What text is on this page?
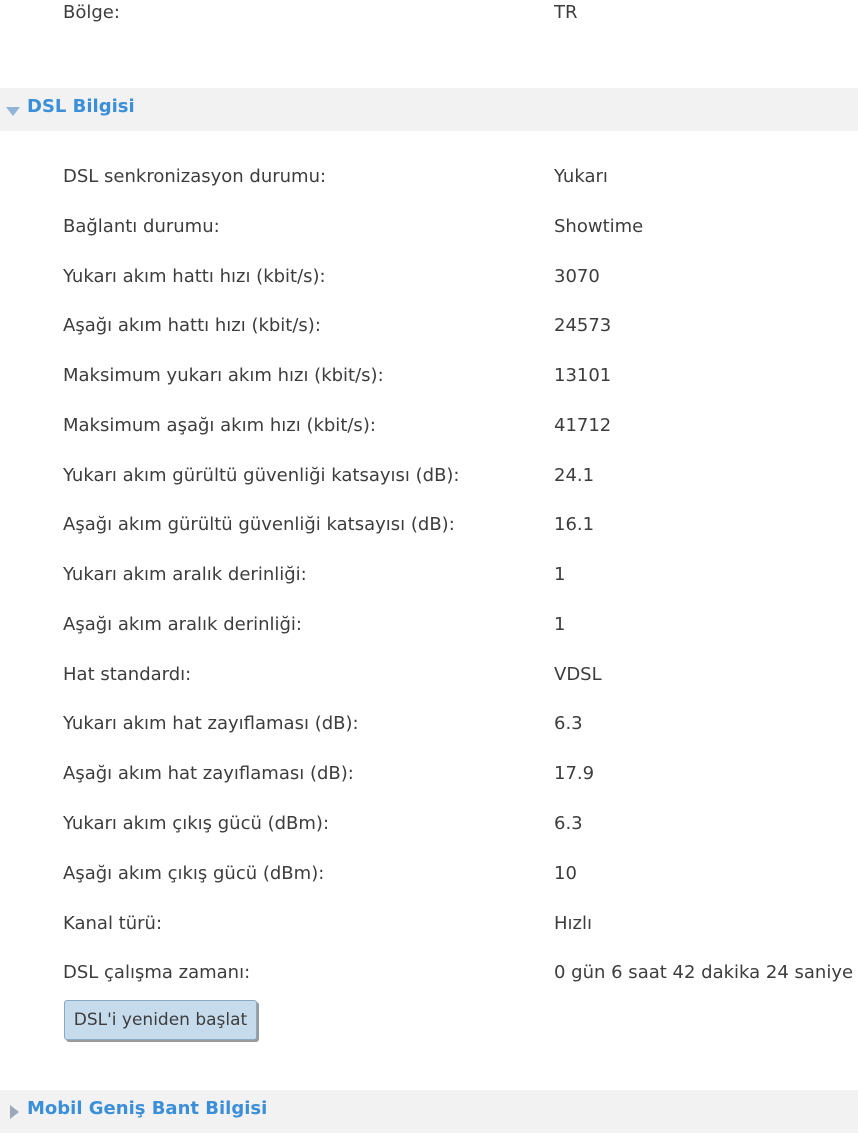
Bölge:	TR
DSL Bilgisi
DSL senkronizasyon durumu:	Yukarı
Bağlantı durumu:	Showtime
Yukarı akım hattı hızı (kbit/s):	3070
Aşağı akım hattı hızı (kbit/s):	24573
Maksimum yukarı akım hızı (kbit/s):	13101
Maksimum aşağı akım hızı (kbit/s):	41712
Yukarı akım gürültü güvenliği katsayısı (dB):	24.1
Aşağı akım gürültü güvenliği katsayısı (dB):	16.1
Yukarı akım aralık derinliği:	1
Aşağı akım aralık derinliği:	1
Hat standardı:	VDSL
Yukarı akım hat zayıflaması (dB):	6.3
Aşağı akım hat zayıflaması (dB):	17.9
Yukarı akım çıkış gücü (dBm):	6.3
Aşağı akım çıkış gücü (dBm):	10
Kanal türü:	Hızlı
DSL çalışma zamanı:	0 gün 6 saat 42 dakika 24 saniye
DSL'i yeniden başlat
Mobil Geniş Bant Bilgisi
